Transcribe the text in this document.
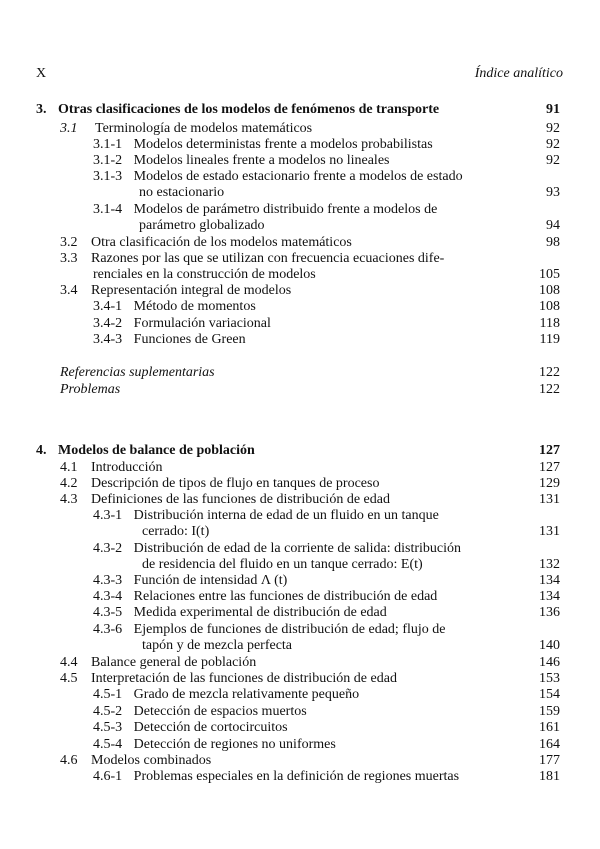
X	Índice analítico
3. Otras clasificaciones de los modelos de fenómenos de transporte	91
3.1 Terminología de modelos matemáticos	92
3.1-1 Modelos deterministas frente a modelos probabilistas	92
3.1-2 Modelos lineales frente a modelos no lineales	92
3.1-3 Modelos de estado estacionario frente a modelos de estado
no estacionario	93
3.1-4 Modelos de parámetro distribuido frente a modelos de
parámetro globalizado	94
3.2 Otra clasificación de los modelos matemáticos	98
3.3 Razones por las que se utilizan con frecuencia ecuaciones dife-
renciales en la construcción de modelos	105
3.4 Representación integral de modelos	108
3.4-1 Método de momentos	108
3.4-2 Formulación variacional	118
3.4-3 Funciones de Green	119
Referencias suplementarias	122
Problemas	122
4. Modelos de balance de población	127
4.1 Introducción	127
4.2 Descripción de tipos de flujo en tanques de proceso	129
4.3 Definiciones de las funciones de distribución de edad	131
4.3-1 Distribución interna de edad de un fluido en un tanque
cerrado: I(t)	131
4.3-2 Distribución de edad de la corriente de salida: distribución
de residencia del fluido en un tanque cerrado: E(t)	132
4.3-3 Función de intensidad Λ (t)	134
4.3-4 Relaciones entre las funciones de distribución de edad	134
4.3-5 Medida experimental de distribución de edad	136
4.3-6 Ejemplos de funciones de distribución de edad; flujo de
tapón y de mezcla perfecta	140
4.4 Balance general de población	146
4.5 Interpretación de las funciones de distribución de edad	153
4.5-1 Grado de mezcla relativamente pequeño	154
4.5-2 Detección de espacios muertos	159
4.5-3 Detección de cortocircuitos	161
4.5-4 Detección de regiones no uniformes	164
4.6 Modelos combinados	177
4.6-1 Problemas especiales en la definición de regiones muertas	181
